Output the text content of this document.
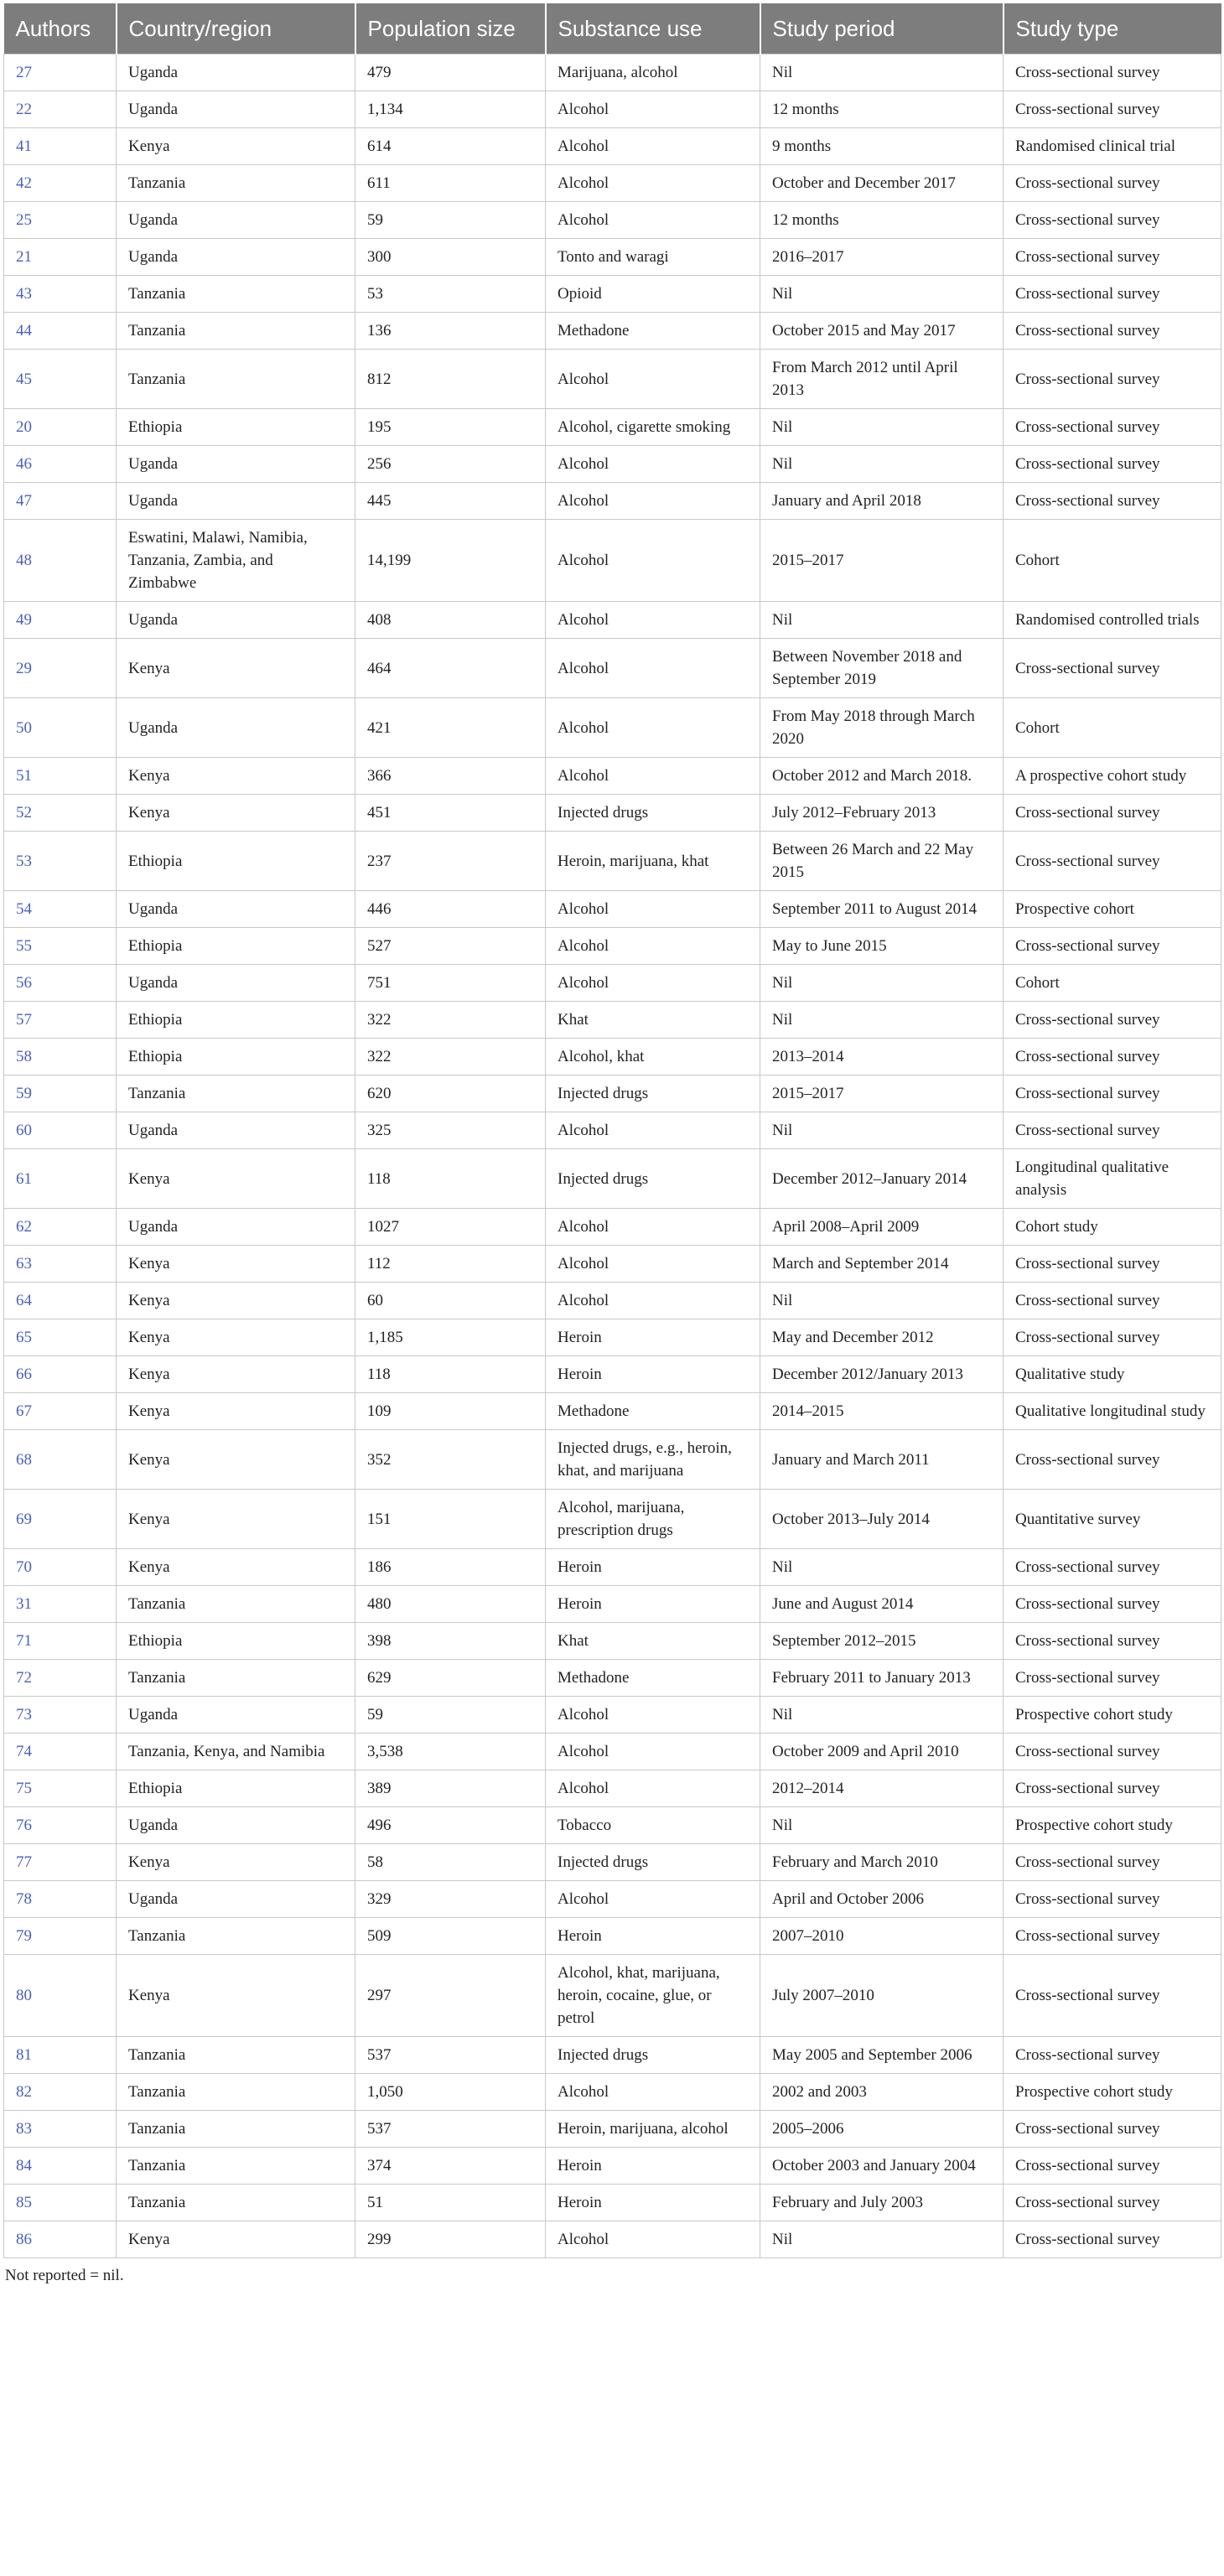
Authors	Country/region	Population size	Substance use	Study period	Study type
27	Uganda	479	Marijuana, alcohol	Nil	Cross-sectional survey
22	Uganda	1,134	Alcohol	12 months	Cross-sectional survey
41	Kenya	614	Alcohol	9 months	Randomised clinical trial
42	Tanzania	611	Alcohol	October and December 2017	Cross-sectional survey
25	Uganda	59	Alcohol	12 months	Cross-sectional survey
21	Uganda	300	Tonto and waragi	2016–2017	Cross-sectional survey
43	Tanzania	53	Opioid	Nil	Cross-sectional survey
44	Tanzania	136	Methadone	October 2015 and May 2017	Cross-sectional survey
45	Tanzania	812	Alcohol	From March 2012 until April 2013	Cross-sectional survey
20	Ethiopia	195	Alcohol, cigarette smoking	Nil	Cross-sectional survey
46	Uganda	256	Alcohol	Nil	Cross-sectional survey
47	Uganda	445	Alcohol	January and April 2018	Cross-sectional survey
48	Eswatini, Malawi, Namibia, Tanzania, Zambia, and Zimbabwe	14,199	Alcohol	2015–2017	Cohort
49	Uganda	408	Alcohol	Nil	Randomised controlled trials
29	Kenya	464	Alcohol	Between November 2018 and September 2019	Cross-sectional survey
50	Uganda	421	Alcohol	From May 2018 through March 2020	Cohort
51	Kenya	366	Alcohol	October 2012 and March 2018.	A prospective cohort study
52	Kenya	451	Injected drugs	July 2012–February 2013	Cross-sectional survey
53	Ethiopia	237	Heroin, marijuana, khat	Between 26 March and 22 May 2015	Cross-sectional survey
54	Uganda	446	Alcohol	September 2011 to August 2014	Prospective cohort
55	Ethiopia	527	Alcohol	May to June 2015	Cross-sectional survey
56	Uganda	751	Alcohol	Nil	Cohort
57	Ethiopia	322	Khat	Nil	Cross-sectional survey
58	Ethiopia	322	Alcohol, khat	2013–2014	Cross-sectional survey
59	Tanzania	620	Injected drugs	2015–2017	Cross-sectional survey
60	Uganda	325	Alcohol	Nil	Cross-sectional survey
61	Kenya	118	Injected drugs	December 2012–January 2014	Longitudinal qualitative analysis
62	Uganda	1027	Alcohol	April 2008–April 2009	Cohort study
63	Kenya	112	Alcohol	March and September 2014	Cross-sectional survey
64	Kenya	60	Alcohol	Nil	Cross-sectional survey
65	Kenya	1,185	Heroin	May and December 2012	Cross-sectional survey
66	Kenya	118	Heroin	December 2012/January 2013	Qualitative study
67	Kenya	109	Methadone	2014–2015	Qualitative longitudinal study
68	Kenya	352	Injected drugs, e.g., heroin, khat, and marijuana	January and March 2011	Cross-sectional survey
69	Kenya	151	Alcohol, marijuana, prescription drugs	October 2013–July 2014	Quantitative survey
70	Kenya	186	Heroin	Nil	Cross-sectional survey
31	Tanzania	480	Heroin	June and August 2014	Cross-sectional survey
71	Ethiopia	398	Khat	September 2012–2015	Cross-sectional survey
72	Tanzania	629	Methadone	February 2011 to January 2013	Cross-sectional survey
73	Uganda	59	Alcohol	Nil	Prospective cohort study
74	Tanzania, Kenya, and Namibia	3,538	Alcohol	October 2009 and April 2010	Cross-sectional survey
75	Ethiopia	389	Alcohol	2012–2014	Cross-sectional survey
76	Uganda	496	Tobacco	Nil	Prospective cohort study
77	Kenya	58	Injected drugs	February and March 2010	Cross-sectional survey
78	Uganda	329	Alcohol	April and October 2006	Cross-sectional survey
79	Tanzania	509	Heroin	2007–2010	Cross-sectional survey
80	Kenya	297	Alcohol, khat, marijuana, heroin, cocaine, glue, or petrol	July 2007–2010	Cross-sectional survey
81	Tanzania	537	Injected drugs	May 2005 and September 2006	Cross-sectional survey
82	Tanzania	1,050	Alcohol	2002 and 2003	Prospective cohort study
83	Tanzania	537	Heroin, marijuana, alcohol	2005–2006	Cross-sectional survey
84	Tanzania	374	Heroin	October 2003 and January 2004	Cross-sectional survey
85	Tanzania	51	Heroin	February and July 2003	Cross-sectional survey
86	Kenya	299	Alcohol	Nil	Cross-sectional survey
Not reported = nil.
